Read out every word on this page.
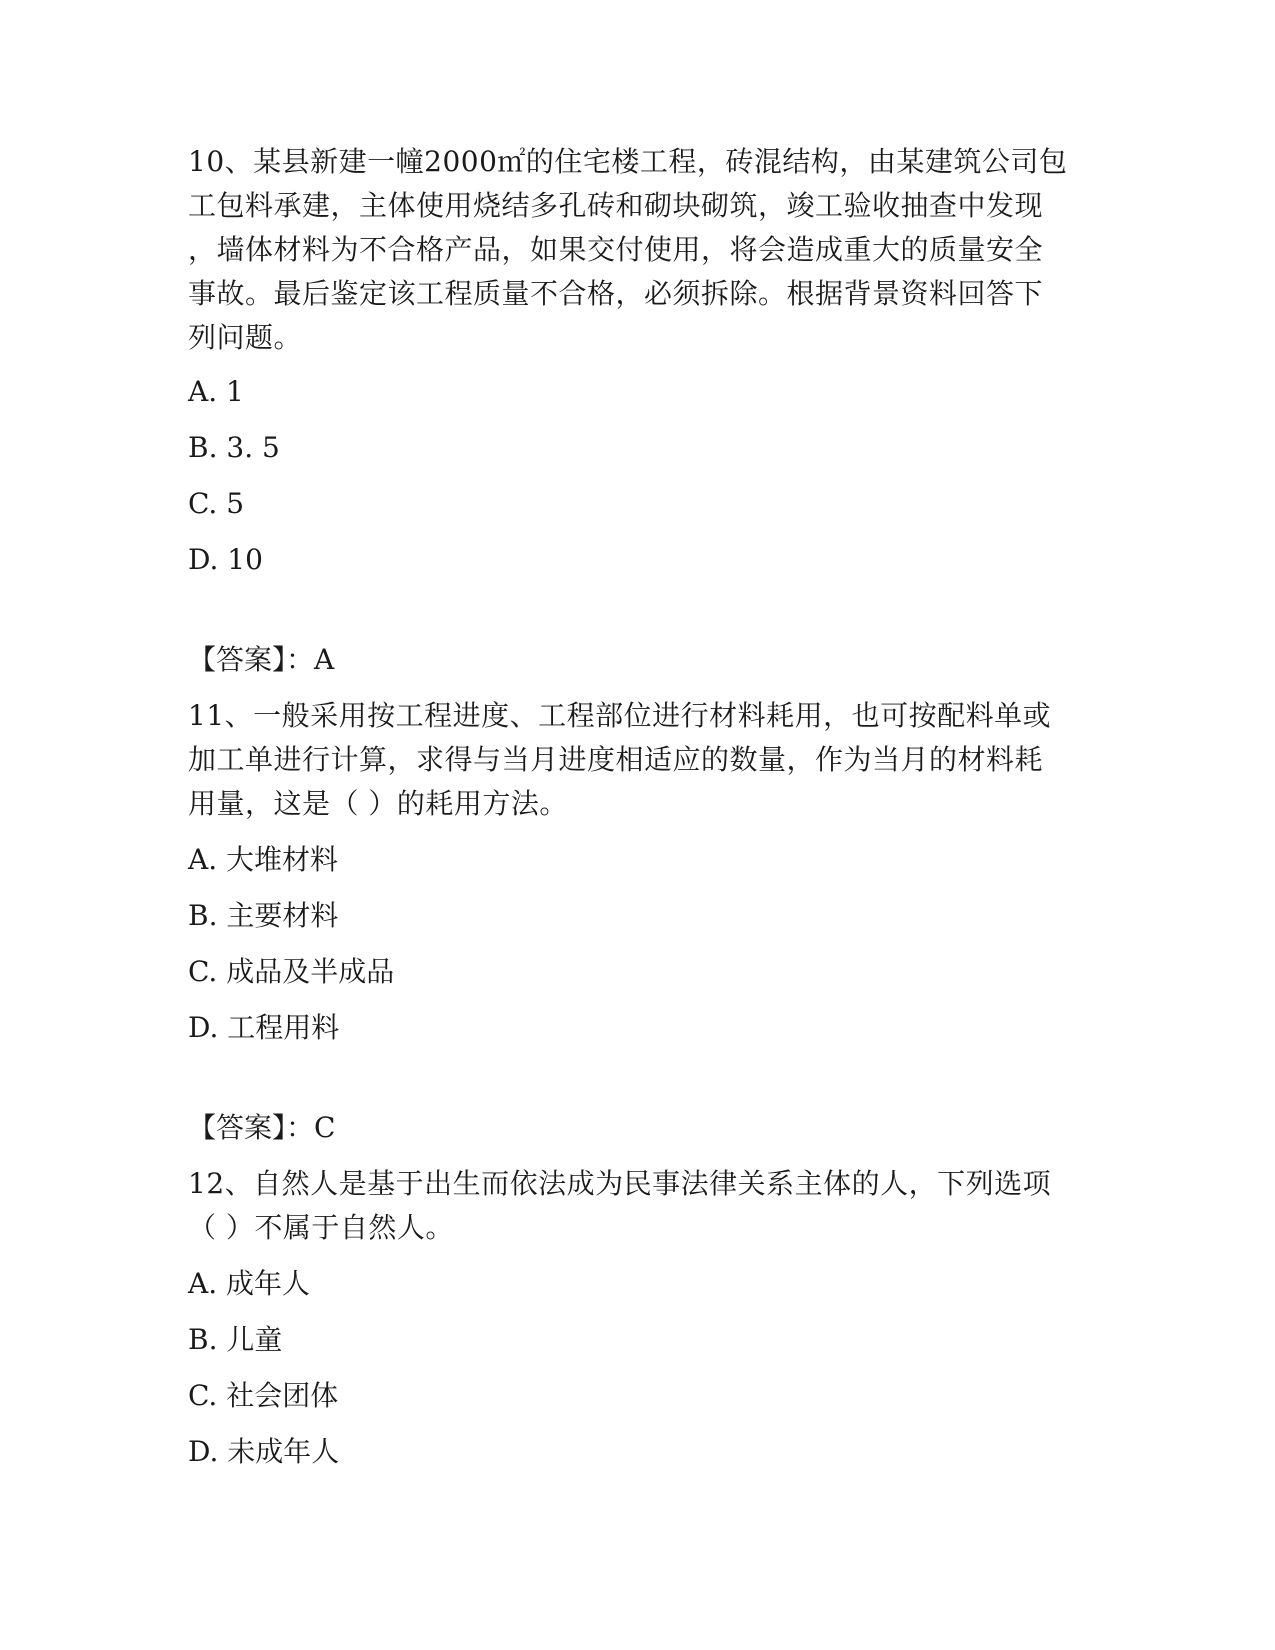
10、某县新建一幢2000㎡的住宅楼工程，砖混结构，由某建筑公司包
工包料承建，主体使用烧结多孔砖和砌块砌筑，竣工验收抽查中发现
，墙体材料为不合格产品，如果交付使用，将会造成重大的质量安全
事故。最后鉴定该工程质量不合格，必须拆除。根据背景资料回答下
列问题。
A. 1
B. 3. 5
C. 5
D. 10
【答案】：A
11、一般采用按工程进度、工程部位进行材料耗用，也可按配料单或
加工单进行计算，求得与当月进度相适应的数量，作为当月的材料耗
用量，这是（ ）的耗用方法。
A. 大堆材料
B. 主要材料
C. 成品及半成品
D. 工程用料
【答案】：C
12、自然人是基于出生而依法成为民事法律关系主体的人，下列选项
（ ）不属于自然人。
A. 成年人
B. 儿童
C. 社会团体
D. 未成年人
